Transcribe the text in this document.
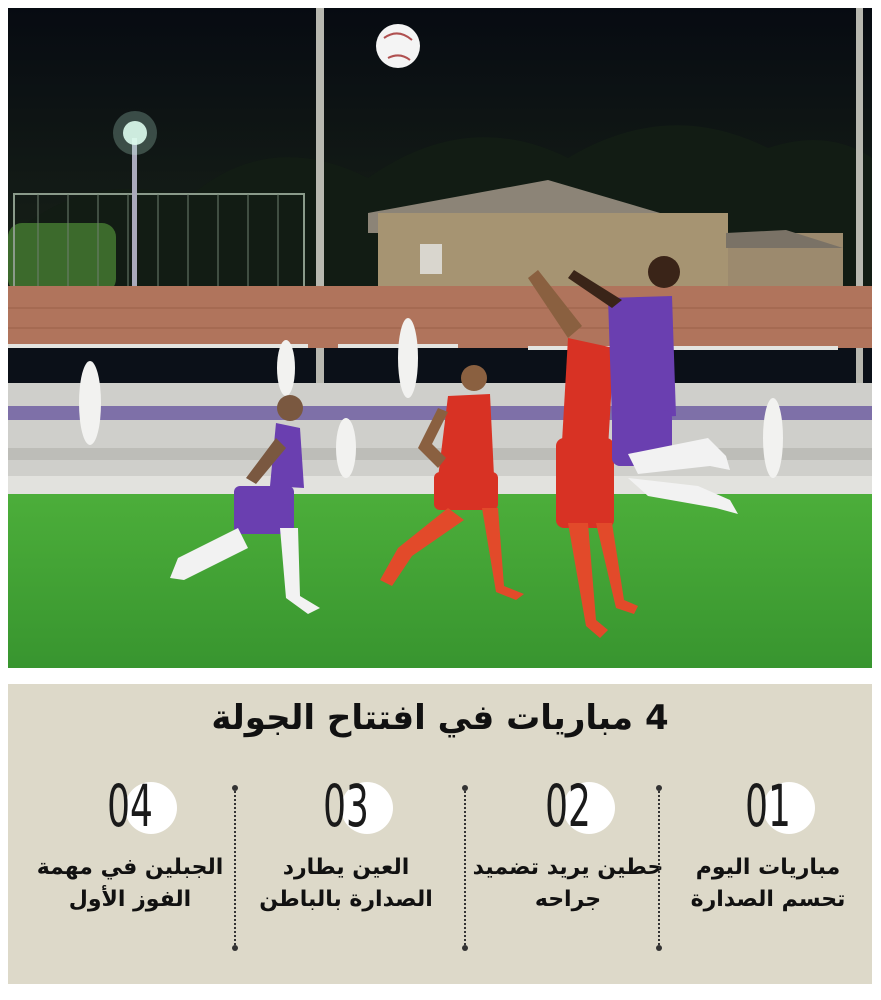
4 مباريات في افتتاح الجولة
04
الجبلين في مهمة الفوز الأول
03
العين يطارد الصدارة بالباطن
02
حطين يريد تضميد جراحه
01
مباريات اليوم تحسم الصدارة
